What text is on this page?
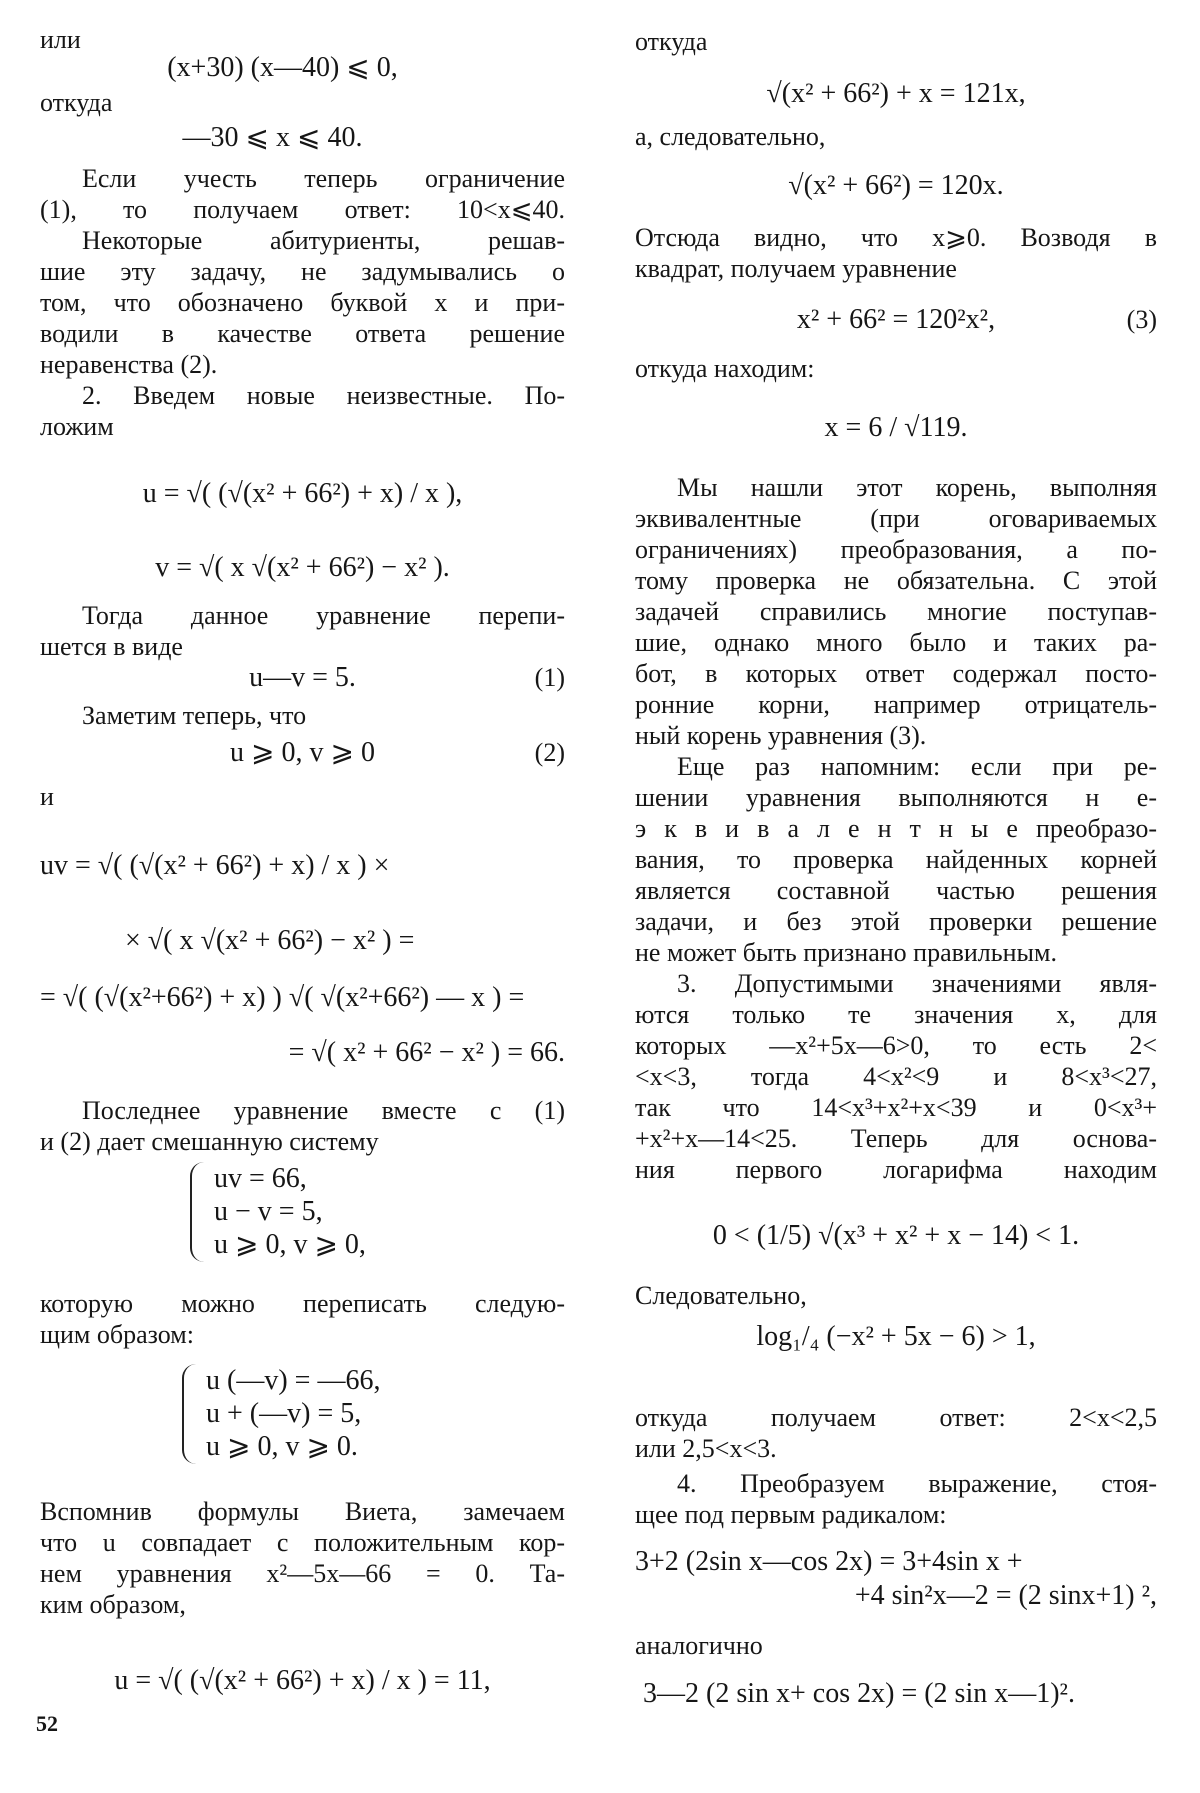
или
(x+30) (x—40) ⩽ 0,
откуда
—30 ⩽ x ⩽ 40.
Если учесть теперь ограничение
(1), то получаем ответ: 10<x⩽40.
Некоторые абитуриенты, решав-
шие эту задачу, не задумывались о
том, что обозначено буквой x и при-
водили в качестве ответа решение
неравенства (2).
2. Введем новые неизвестные. По-
ложим
u = √( (√(x² + 66²) + x) / x ),
v = √( x √(x² + 66²) − x² ).
Тогда данное уравнение перепи-
шется в виде
u—v = 5.	(1)
Заметим теперь, что
u ⩾ 0, v ⩾ 0	(2)
и
uv = √( (√(x² + 66²) + x) / x ) ×
× √( x √(x² + 66²) − x² ) =
= √( (√(x²+66²) + x) ) √( √(x²+66²) — x ) =
= √( x² + 66² − x² ) = 66.
Последнее уравнение вместе с (1)
и (2) дает смешанную систему
uv = 66,
u − v = 5,
u ⩾ 0, v ⩾ 0,
которую можно переписать следую-
щим образом:
u (—v) = —66,
u + (—v) = 5,
u ⩾ 0, v ⩾ 0.
Вспомнив формулы Виета, замечаем
что u совпадает с положительным кор-
нем уравнения x²—5x—66 = 0. Та-
ким образом,
u = √( (√(x² + 66²) + x) / x ) = 11,
откуда
√(x² + 66²) + x = 121x,
а, следовательно,
√(x² + 66²) = 120x.
Отсюда видно, что x⩾0. Возводя в
квадрат, получаем уравнение
x² + 66² = 120²x²,	(3)
откуда находим:
x = 6 / √119.
Мы нашли этот корень, выполняя
эквивалентные (при оговариваемых
ограничениях) преобразования, а по-
тому проверка не обязательна. С этой
задачей справились многие поступав-
шие, однако много было и таких ра-
бот, в которых ответ содержал посто-
ронние корни, например отрицатель-
ный корень уравнения (3).
Еще раз напомним: если при ре-
шении уравнения выполняются н е-
э к в и в а л е н т н ы е преобразо-
вания, то проверка найденных корней
является составной частью решения
задачи, и без этой проверки решение
не может быть признано правильным.
3. Допустимыми значениями явля-
ются только те значения x, для
которых —x²+5x—6>0, то есть 2<
<x<3, тогда 4<x²<9 и 8<x³<27,
так что 14<x³+x²+x<39 и 0<x³+
+x²+x—14<25. Теперь для основа-
ния первого логарифма находим
0 < (1/5) √(x³ + x² + x − 14) < 1.
Следовательно,
log₁/₄ (−x² + 5x − 6) > 1,
откуда получаем ответ: 2<x<2,5
или 2,5<x<3.
4. Преобразуем выражение, стоя-
щее под первым радикалом:
3+2 (2sin x—cos 2x) = 3+4sin x +
+4 sin²x—2 = (2 sinx+1) ²,
аналогично
3—2 (2 sin x+ cos 2x) = (2 sin x—1)².
52
